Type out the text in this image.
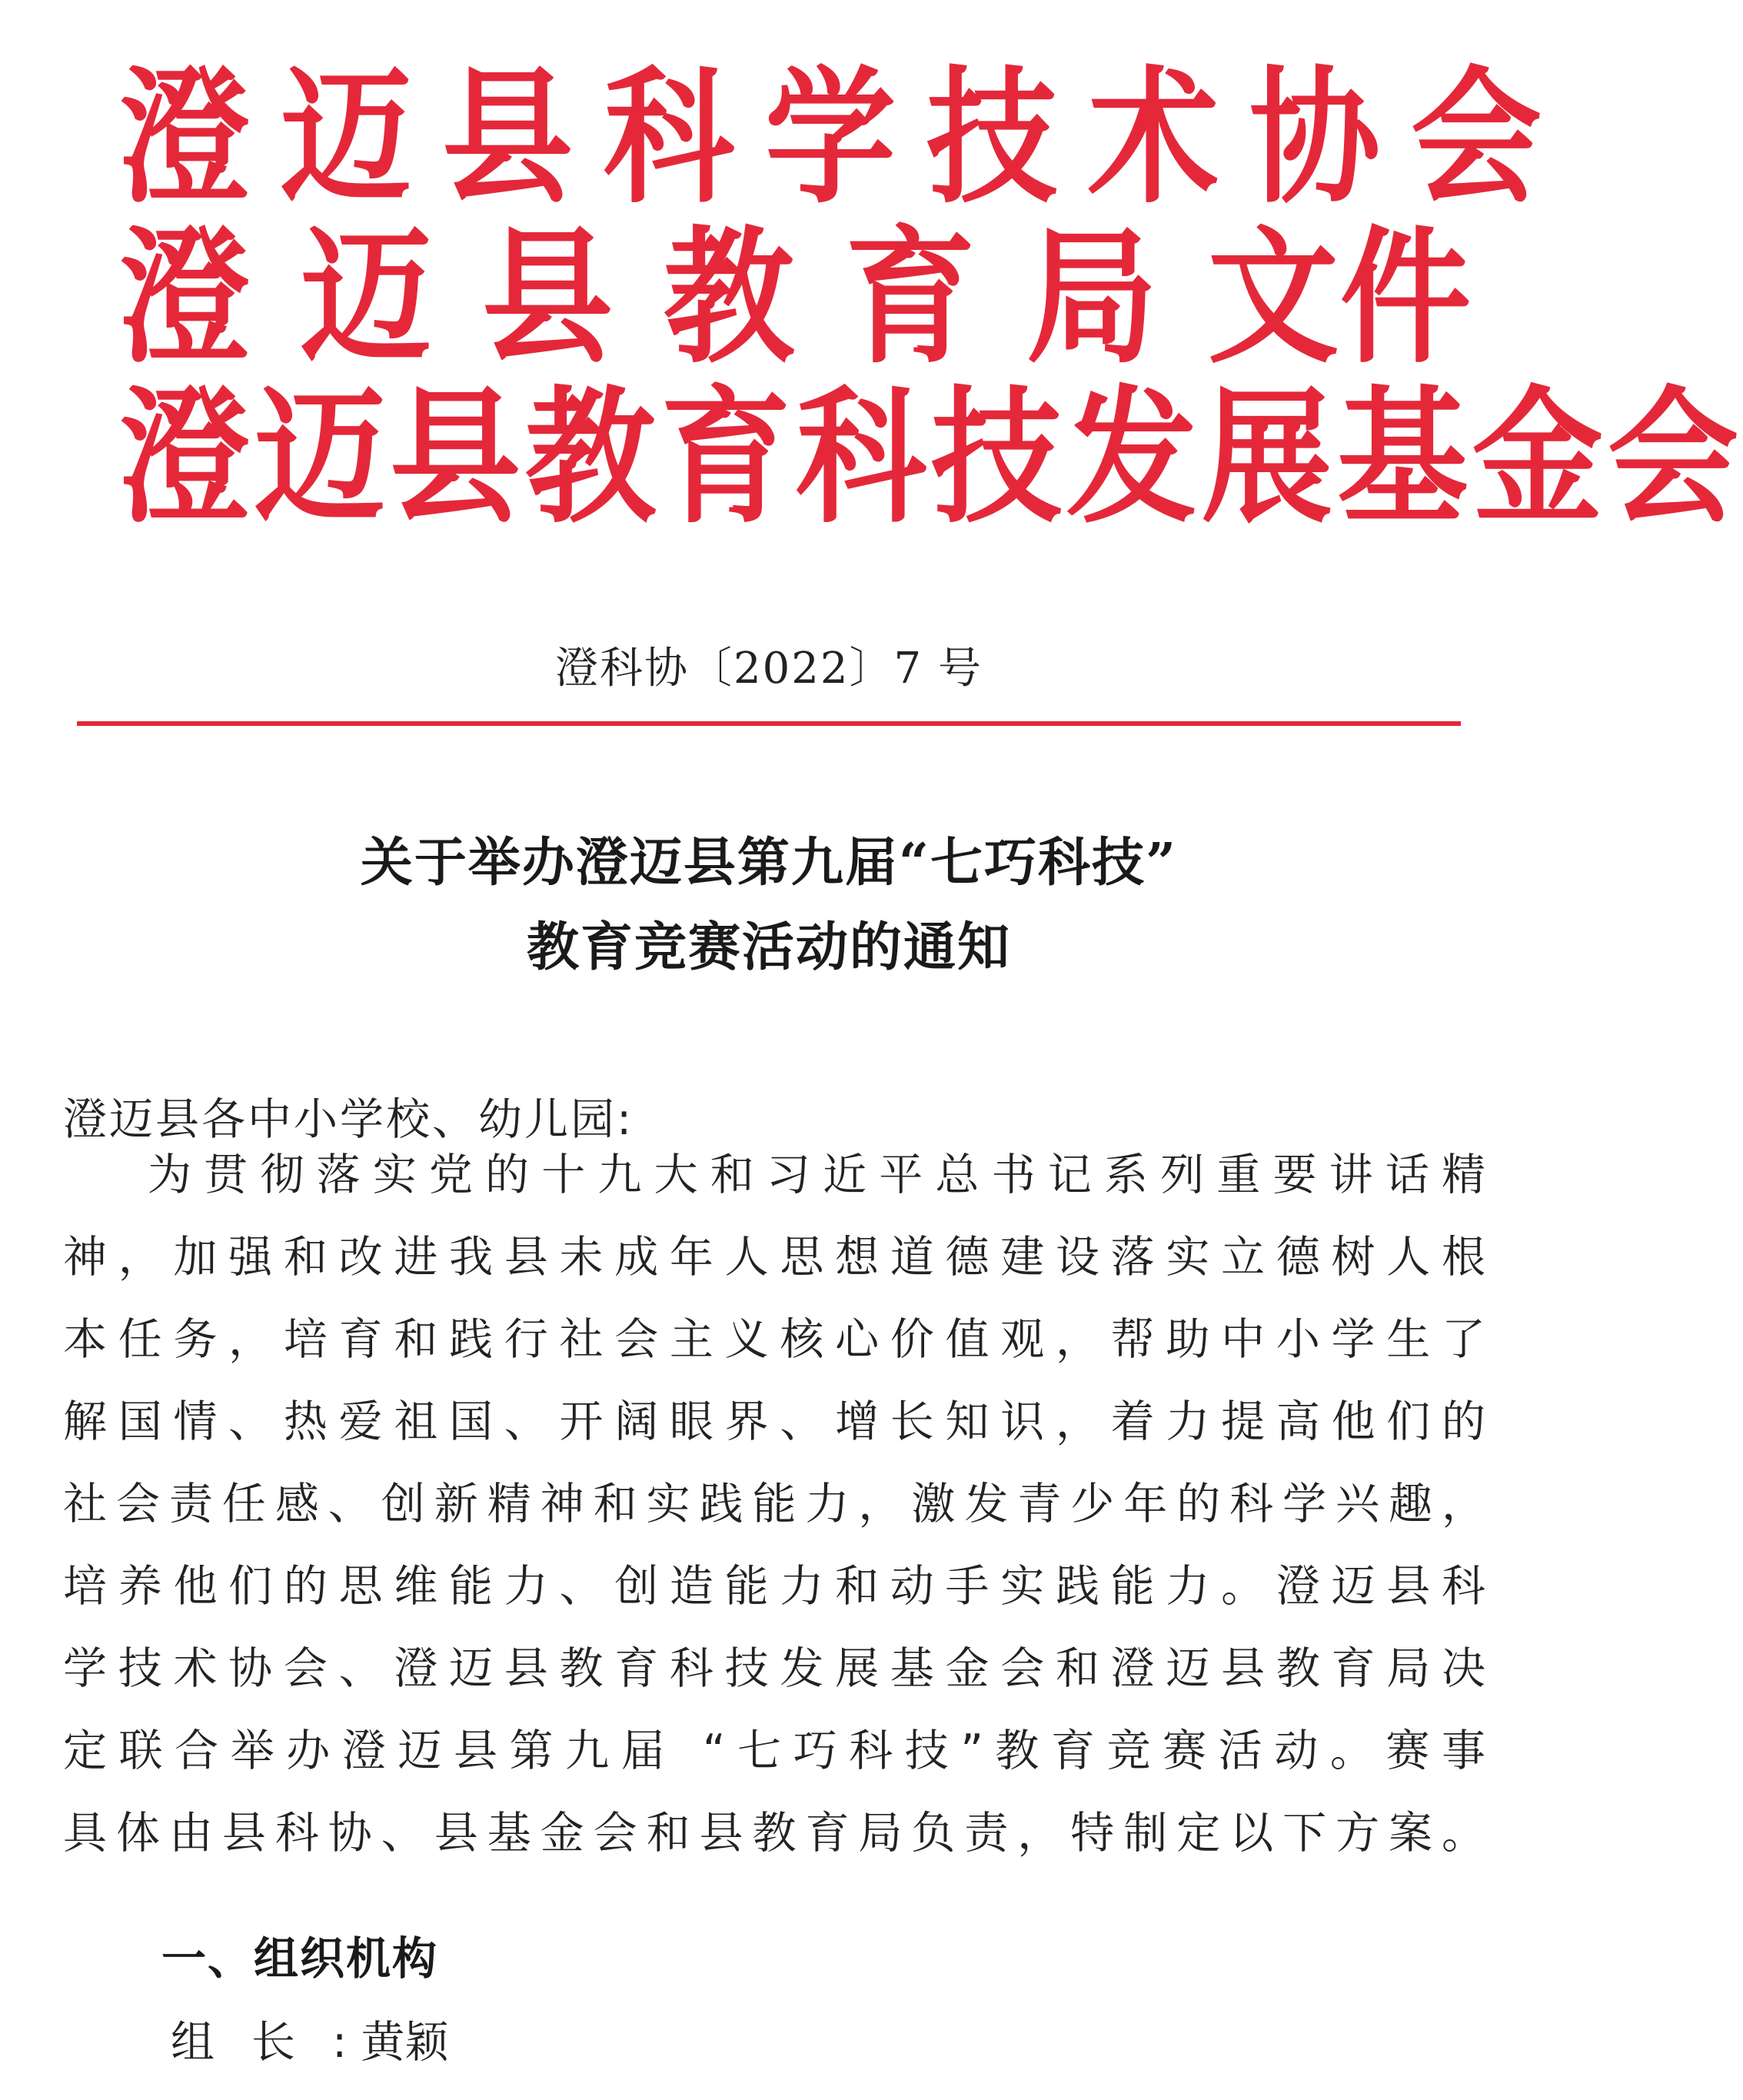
澄迈县科学技术协会
澄 迈 县 教 育 局 文件
澄迈县教育科技发展基金会
澄科协〔2022〕7 号
关于举办澄迈县第九届“七巧科技”
教育竞赛活动的通知
澄迈县各中小学校、幼儿园:
为贯彻落实党的十九大和习近平总书记系列重要讲话精
神，加强和改进我县未成年人思想道德建设落实立德树人根
本任务，培育和践行社会主义核心价值观，帮助中小学生了
解国情、热爱祖国、开阔眼界、增长知识，着力提高他们的
社会责任感、创新精神和实践能力，激发青少年的科学兴趣，
培养他们的思维能力、创造能力和动手实践能力。澄迈县科
学技术协会、澄迈县教育科技发展基金会和澄迈县教育局决
定联合举办澄迈县第九届 “七巧科技”教育竞赛活动。赛事
具体由县科协、县基金会和县教育局负责，特制定以下方案。
一、组织机构
组长: 黄颖
